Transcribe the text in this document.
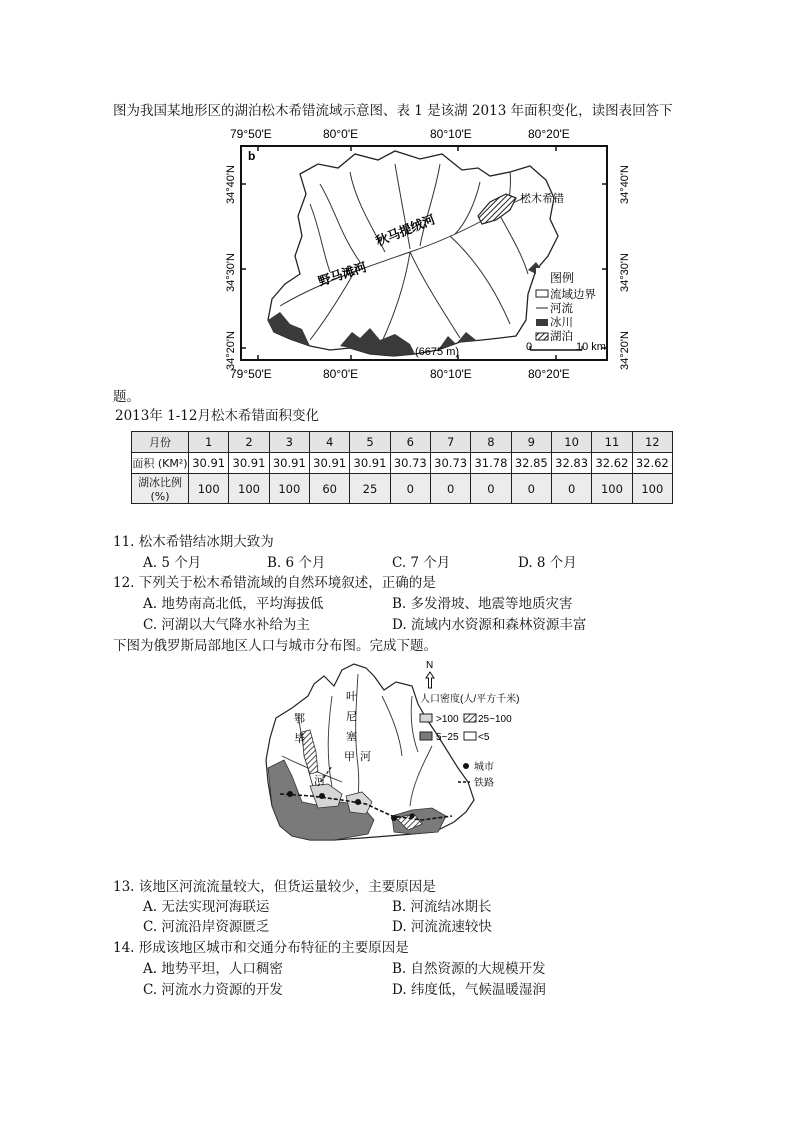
图为我国某地形区的湖泊松木希错流域示意图、表 1 是该湖 2013 年面积变化，读图表回答下
79°50'E	80°0'E	80°10'E	80°20'E
79°50'E	80°0'E	80°10'E	80°20'E
34°40'N
34°30'N
34°20'N
34°40'N
34°30'N
34°20'N
b
松木希错
秋马提绒河
野马滩河
(6675 m)
图例
流域边界
河流
冰川
湖泊
0	10 km
题。
2013年 1-12月松木希错面积变化
月份	1	2	3	4	5	6	7	8	9	10	11	12
面积 (KM²)	30.91	30.91	30.91	30.91	30.91	30.73	30.73	31.78	32.85	32.83	32.62	32.62
湖冰比例 (%)	100	100	100	60	25	0	0	0	0	0	100	100
11. 松木希错结冰期大致为
A. 5 个月	B. 6 个月	C. 7 个月	D. 8 个月
12. 下列关于松木希错流域的自然环境叙述，正确的是
A. 地势南高北低，平均海拔低	B. 多发滑坡、地震等地质灾害
C. 河湖以大气降水补给为主	D. 流域内水资源和森林资源丰富
下图为俄罗斯局部地区人口与城市分布图。完成下题。
鄂
毕
河
叶
尼
塞
河
甲
N
人口密度(人/平方千米)
>100 25~100
5~25 <5
城市
铁路
13. 该地区河流流量较大，但货运量较少，主要原因是
A. 无法实现河海联运	B. 河流结冰期长
C. 河流沿岸资源匮乏	D. 河流流速较快
14. 形成该地区城市和交通分布特征的主要原因是
A. 地势平坦，人口稠密	B. 自然资源的大规模开发
C. 河流水力资源的开发	D. 纬度低，气候温暖湿润
